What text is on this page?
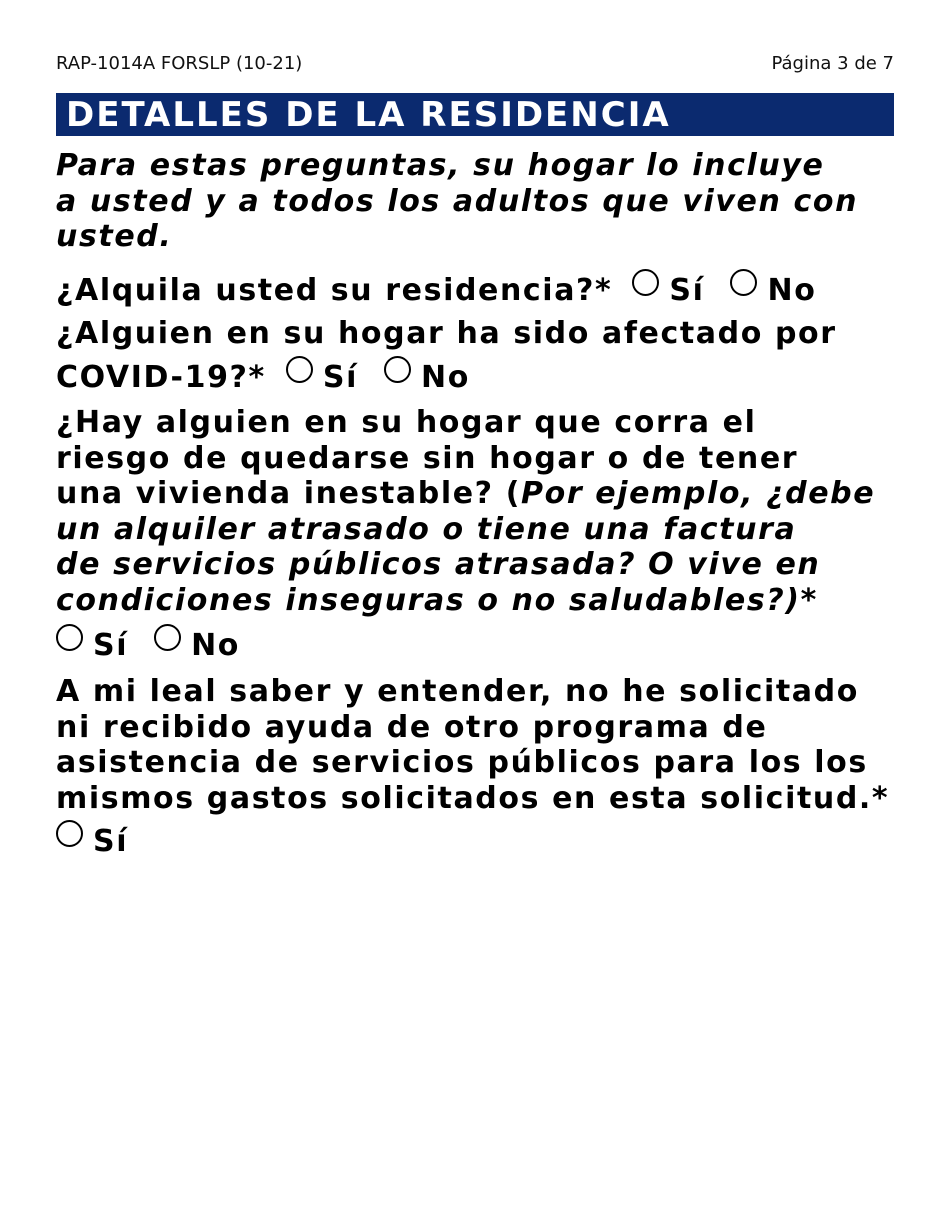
RAP-1014A FORSLP (10-21)	Página 3 de 7
DETALLES DE LA RESIDENCIA
Para estas preguntas, su hogar lo incluye
a usted y a todos los adultos que viven con
usted.
¿Alquila usted su residencia?* Sí No
¿Alguien en su hogar ha sido afectado por
COVID-19?* Sí No
¿Hay alguien en su hogar que corra el
riesgo de quedarse sin hogar o de tener
una vivienda inestable? (Por ejemplo, ¿debe
un alquiler atrasado o tiene una factura
de servicios públicos atrasada? O vive en
condiciones inseguras o no saludables?)*
Sí No
A mi leal saber y entender, no he solicitado
ni recibido ayuda de otro programa de
asistencia de servicios públicos para los los
mismos gastos solicitados en esta solicitud.*
Sí
